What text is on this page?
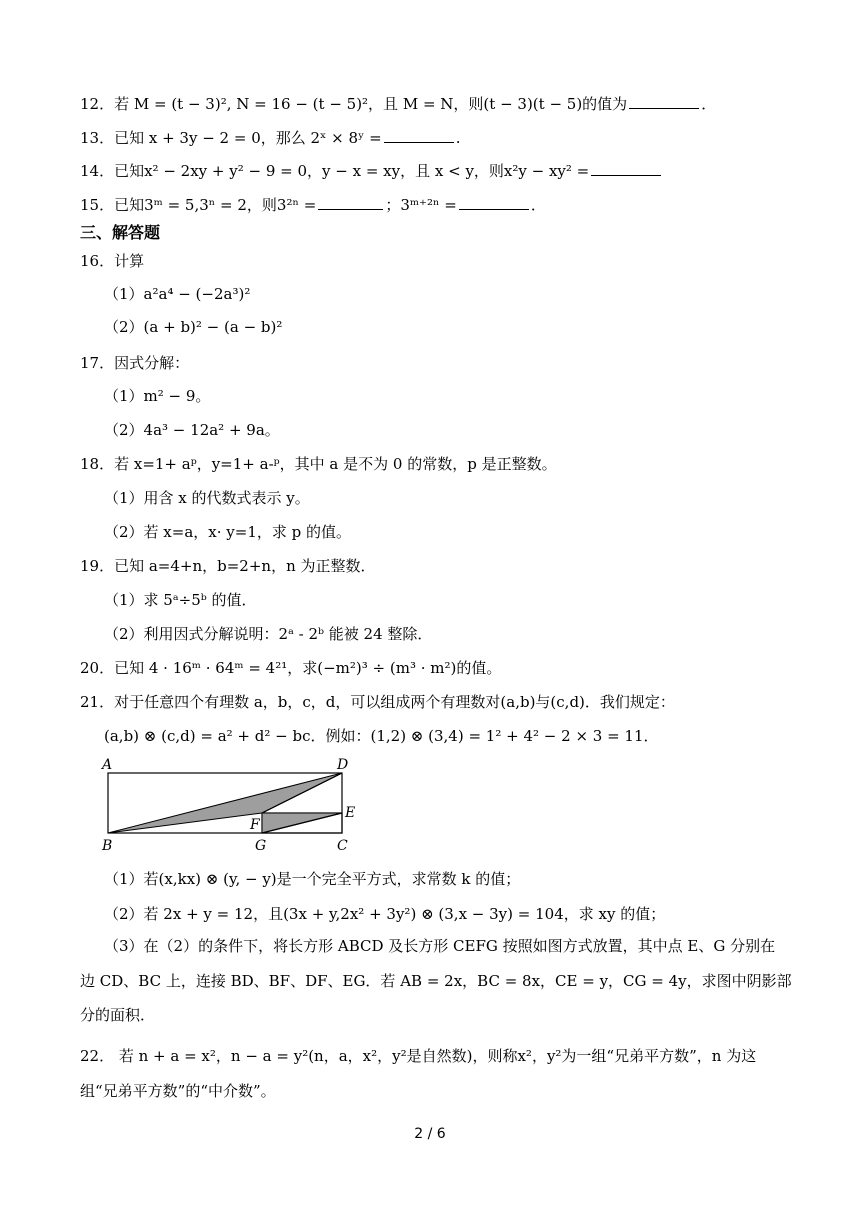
12．若 M = (t − 3)², N = 16 − (t − 5)²，且 M = N，则(t − 3)(t − 5)的值为	．
13．已知 x + 3y − 2 = 0，那么 2ˣ × 8ʸ =	.
14．已知x² − 2xy + y² − 9 = 0，y − x = xy，且 x < y，则x²y − xy² =
15．已知3ᵐ = 5,3ⁿ = 2，则3²ⁿ =	；3ᵐ⁺²ⁿ =	．
三、解答题
16．计算
（1）a²a⁴ − (−2a³)²
（2）(a + b)² − (a − b)²
17．因式分解：
（1）m² − 9。
（2）4a³ − 12a² + 9a。
18．若 x=1+ aᵖ，y=1+ a-ᵖ，其中 a 是不为 0 的常数，p 是正整数。
（1）用含 x 的代数式表示 y。
（2）若 x=a，x· y=1，求 p 的值。
19．已知 a=4+n，b=2+n，n 为正整数．
（1）求 5ᵃ÷5ᵇ 的值．
（2）利用因式分解说明：2ᵃ - 2ᵇ 能被 24 整除．
20．已知 4 · 16ᵐ · 64ᵐ = 4²¹，求(−m²)³ ÷ (m³ · m²)的值。
21．对于任意四个有理数 a，b，c，d，可以组成两个有理数对(a,b)与(c,d)．我们规定：
(a,b) ⊗ (c,d) = a² + d² − bc．例如：(1,2) ⊗ (3,4) = 1² + 4² − 2 × 3 = 11．
A	D
B	C
E
F
G
（1）若(x,kx) ⊗ (y, − y)是一个完全平方式，求常数 k 的值；
（2）若 2x + y = 12，且(3x + y,2x² + 3y²) ⊗ (3,x − 3y) = 104，求 xy 的值；
（3）在（2）的条件下，将长方形 ABCD 及长方形 CEFG 按照如图方式放置，其中点 E、G 分别在
边 CD、BC 上，连接 BD、BF、DF、EG．若 AB = 2x，BC = 8x，CE = y，CG = 4y，求图中阴影部
分的面积．
22． 若 n + a = x²，n − a = y²(n，a，x²，y²是自然数)，则称x²，y²为一组“兄弟平方数”，n 为这
组“兄弟平方数”的“中介数”。
2 / 6
